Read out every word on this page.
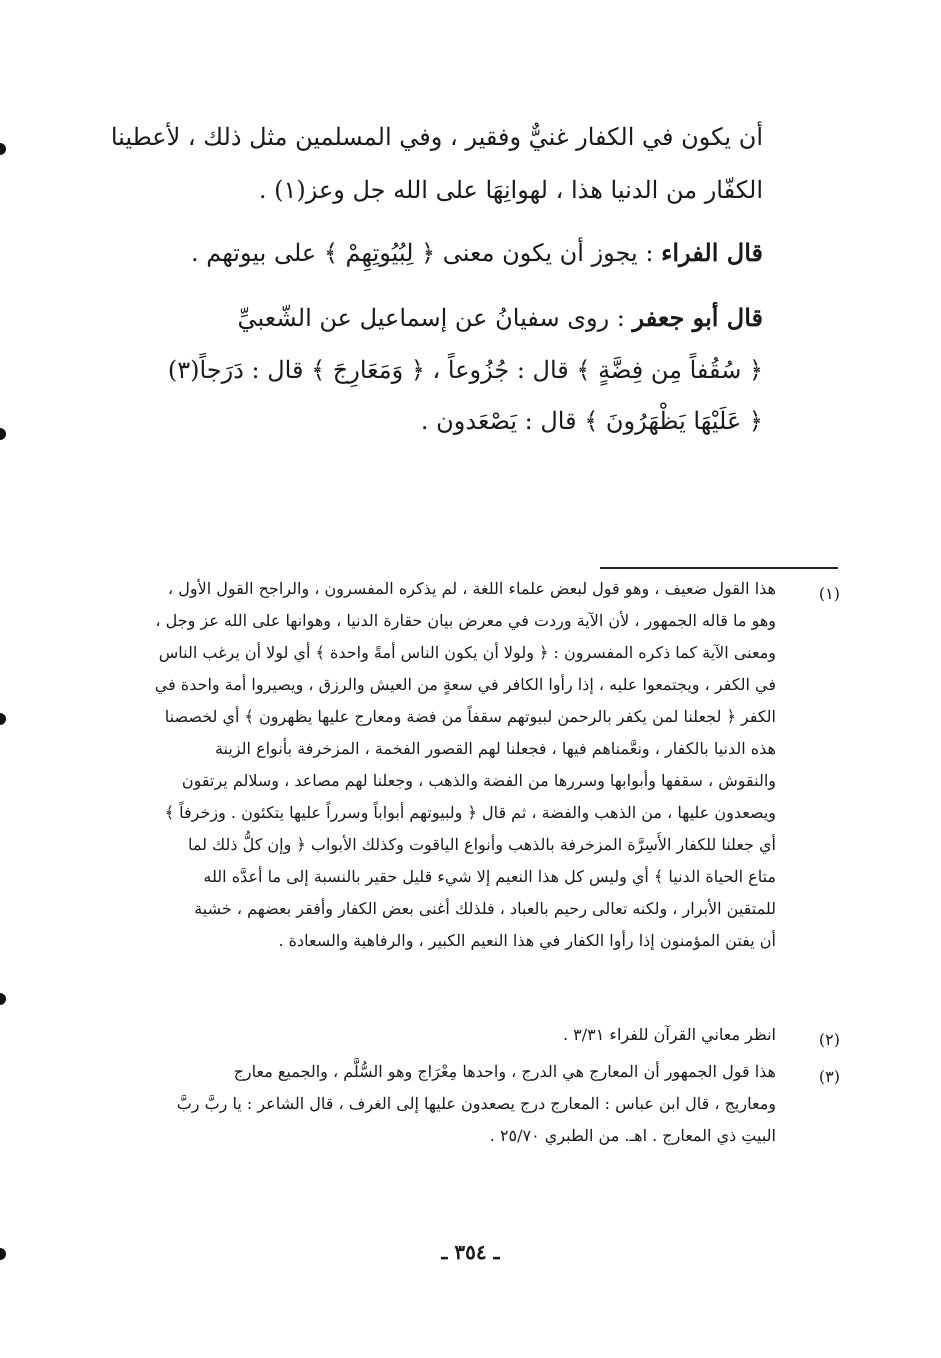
أن يكون في الكفار غنيٌّ وفقير ، وفي المسلمين مثل ذلك ، لأعطينا
الكفّار من الدنيا هذا ، لهوانِهَا على الله جل وعز(١) .
قال الفراء : يجوز أن يكون معنى ﴿ لِبُيُوتِهِمْ ﴾ على بيوتهم .
قال أبو جعفر : روى سفيانُ عن إسماعيل عن الشّعبيِّ
﴿ سُقُفاً مِن فِضَّةٍ ﴾ قال : جُزُوعاً ، ﴿ وَمَعَارِجَ ﴾ قال : دَرَجاً(٣)
﴿ عَلَيْهَا يَظْهَرُونَ ﴾ قال : يَصْعَدون .
(١)
هذا القول ضعيف ، وهو قول لبعض علماء اللغة ، لم يذكره المفسرون ، والراجح القول الأول ،
وهو ما قاله الجمهور ، لأن الآية وردت في معرض بيان حقارة الدنيا ، وهوانها على الله عز وجل ،
ومعنى الآية كما ذكره المفسرون : ﴿ ولولا أن يكون الناس أمةً واحدة ﴾ أي لولا أن يرغب الناس
في الكفر ، ويجتمعوا عليه ، إذا رأوا الكافر في سعةٍ من العيش والرزق ، ويصيروا أمة واحدة في
الكفر ﴿ لجعلنا لمن يكفر بالرحمن لبيوتهم سقفاً من فضة ومعارج عليها يظهرون ﴾ أي لخصصنا
هذه الدنيا بالكفار ، ونعَّمناهم فيها ، فجعلنا لهم القصور الفخمة ، المزخرفة بأنواع الزينة
والنقوش ، سقفها وأبوابها وسررها من الفضة والذهب ، وجعلنا لهم مصاعد ، وسلالم يرتقون
ويصعدون عليها ، من الذهب والفضة ، ثم قال ﴿ ولبيوتهم أبواباً وسرراً عليها يتكئون . وزخرفاً ﴾
أي جعلنا للكفار الأَسِرَّة المزخرفة بالذهب وأنواع الياقوت وكذلك الأبواب ﴿ وإن كلُّ ذلك لما
متاع الحياة الدنيا ﴾ أي وليس كل هذا النعيم إلا شيء قليل حقير بالنسبة إلى ما أعدَّه الله
للمتقين الأبرار ، ولكنه تعالى رحيم بالعباد ، فلذلك أغنى بعض الكفار وأفقر بعضهم ، خشية
أن يفتن المؤمنون إذا رأوا الكفار في هذا النعيم الكبير ، والرفاهية والسعادة .
(٢)
انظر معاني القرآن للفراء ٣/٣١ .
(٣)
هذا قول الجمهور أن المعارج هي الدرج ، واحدها مِعْرَاج وهو السُّلَّم ، والجميع معارج
ومعاريج ، قال ابن عباس : المعارج درج يصعدون عليها إلى الغرف ، قال الشاعر : يا ربَّ ربَّ
البيتِ ذي المعارج . اهـ. من الطبري ٢٥/٧٠ .
ـ ٣٥٤ ـ
